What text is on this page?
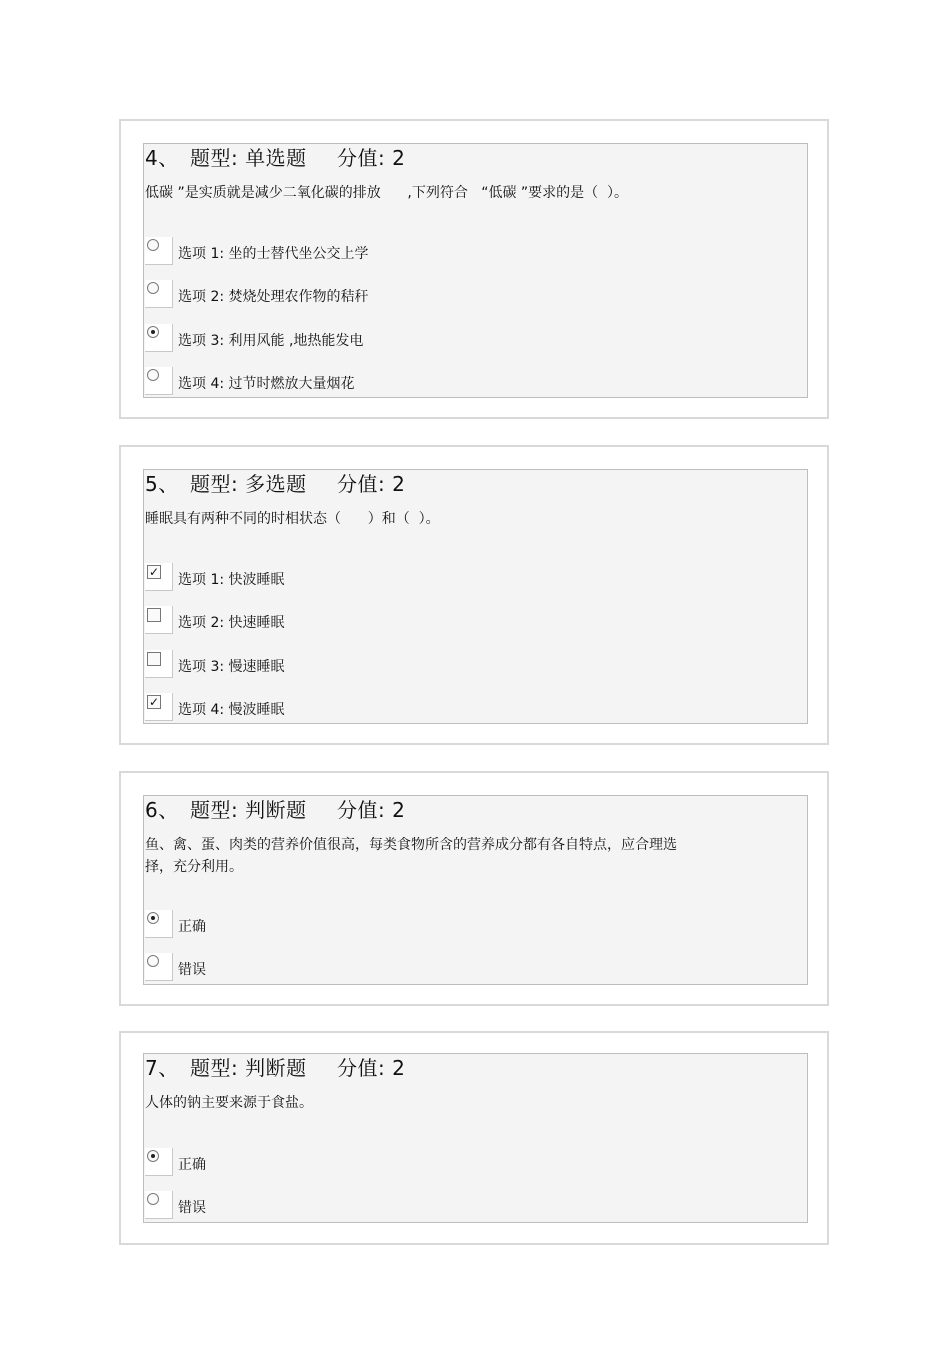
4、 题型: 单选题 分值: 2
低碳 ”是实质就是减少二氧化碳的排放      ,下列符合   “低碳 ”要求的是（  ）。
选项 1: 坐的士替代坐公交上学
选项 2: 焚烧处理农作物的秸秆
选项 3: 利用风能 ,地热能发电
选项 4: 过节时燃放大量烟花
5、 题型: 多选题 分值: 2
睡眠具有两种不同的时相状态（      ）和（  ）。
✓ 选项 1: 快波睡眠
选项 2: 快速睡眠
选项 3: 慢速睡眠
✓ 选项 4: 慢波睡眠
6、 题型: 判断题 分值: 2
鱼、禽、蛋、肉类的营养价值很高，每类食物所含的营养成分都有各自特点，应合理选
择，充分利用。
正确
错误
7、 题型: 判断题 分值: 2
人体的钠主要来源于食盐。
正确
错误
